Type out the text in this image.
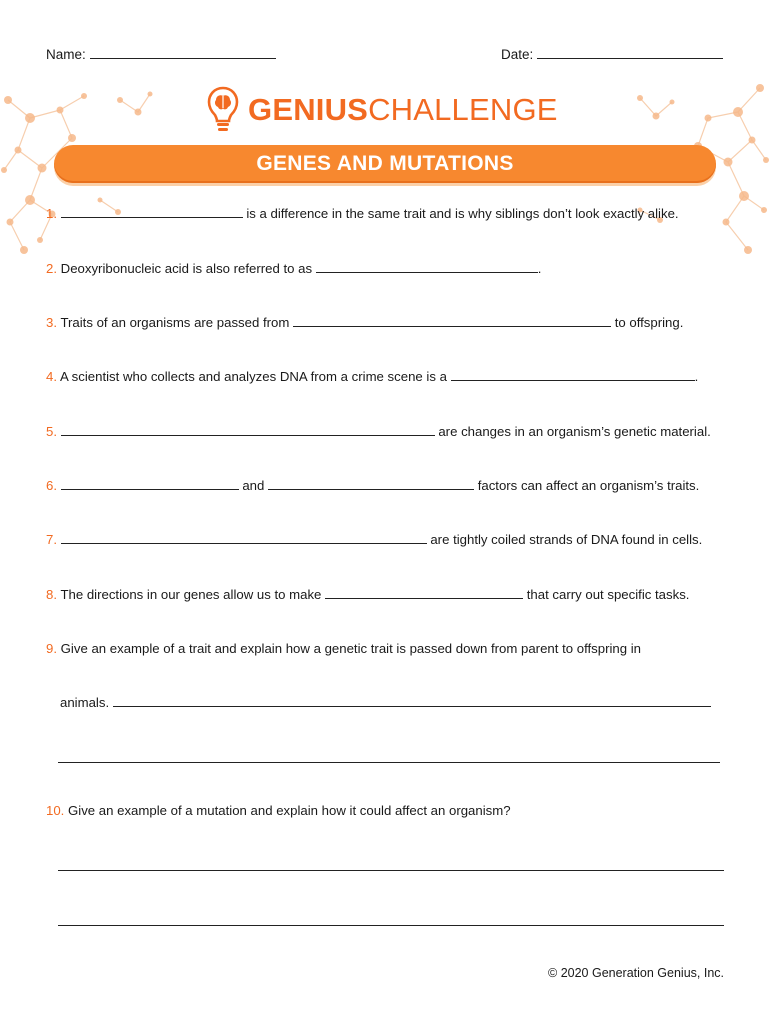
Name:	Date:
GENIUSCHALLENGE
GENES AND MUTATIONS
1.	is a difference in the same trait and is why siblings don’t look exactly alike.
2. Deoxyribonucleic acid is also referred to as	.
3. Traits of an organisms are passed from	to offspring.
4. A scientist who collects and analyzes DNA from a crime scene is a	.
5.	are changes in an organism’s genetic material.
6.	and	factors can affect an organism’s traits.
7.	are tightly coiled strands of DNA found in cells.
8. The directions in our genes allow us to make	that carry out specific tasks.
9. Give an example of a trait and explain how a genetic trait is passed down from parent to offspring in
animals.
10. Give an example of a mutation and explain how it could affect an organism?
© 2020 Generation Genius, Inc.
